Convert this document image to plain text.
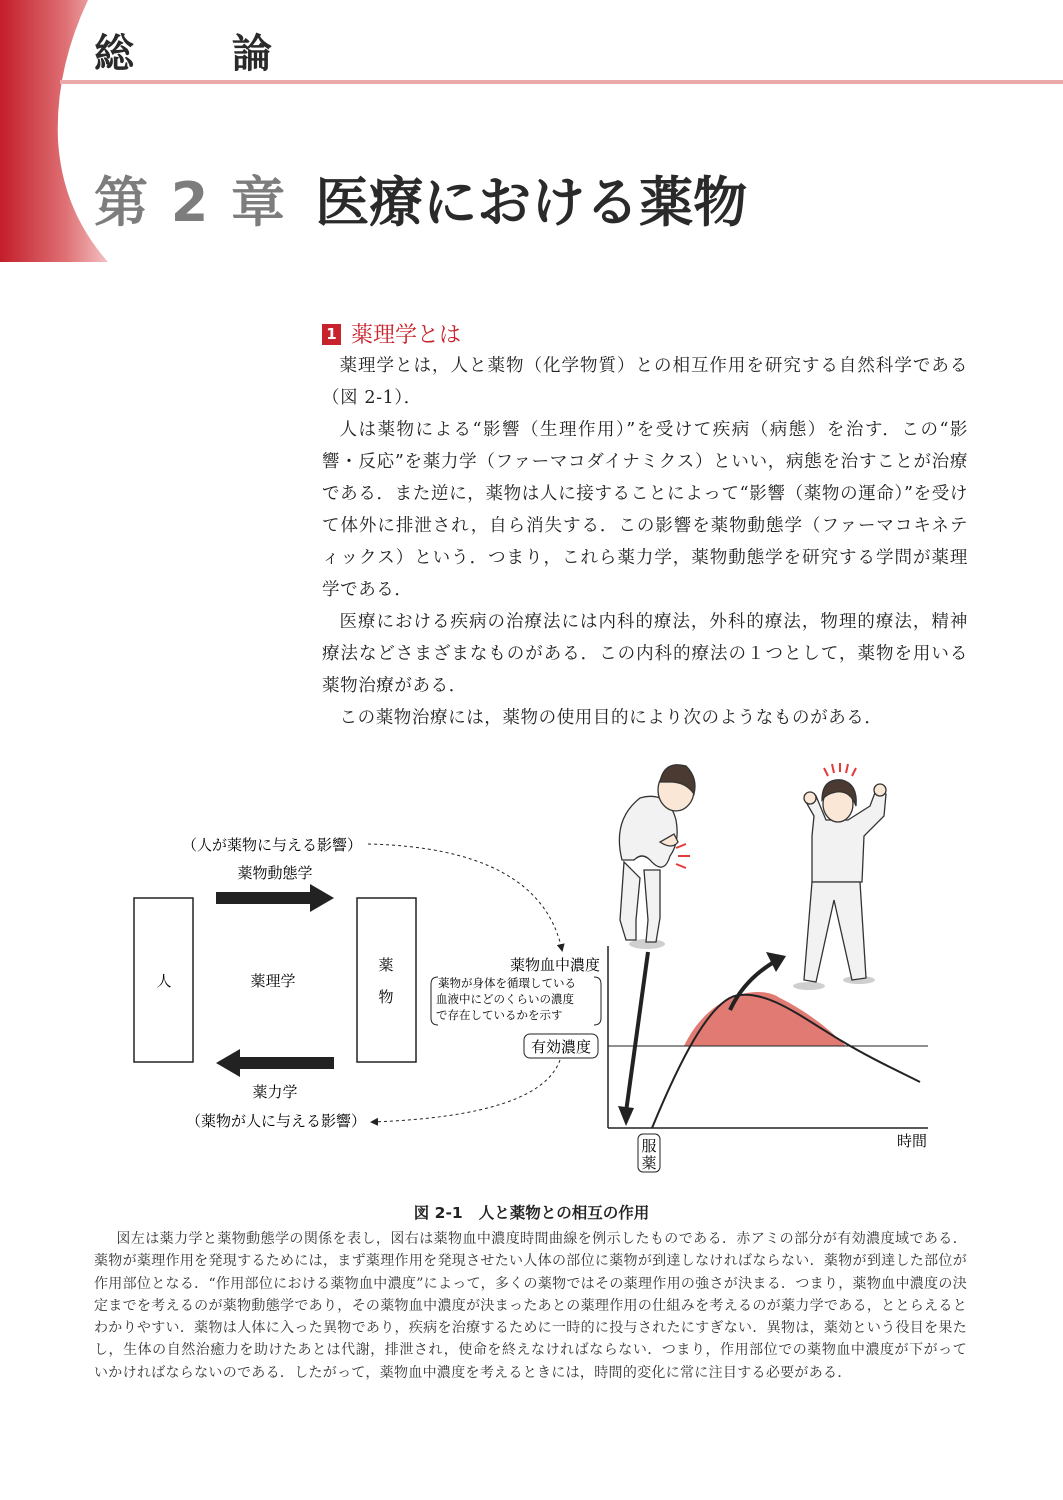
総 論
第 2 章 医療における薬物
1 薬理学とは

薬理学とは，人と薬物（化学物質）との相互作用を研究する自然科学である（図 2-1）．

人は薬物による“影響（生理作用）”を受けて疾病（病態）を治す．この“影響・反応”を薬力学（ファーマコダイナミクス）といい，病態を治すことが治療である．また逆に，薬物は人に接することによって“影響（薬物の運命）”を受けて体外に排泄され，自ら消失する．この影響を薬物動態学（ファーマコキネティックス）という．つまり，これら薬力学，薬物動態学を研究する学問が薬理学である．

医療における疾病の治療法には内科的療法，外科的療法，物理的療法，精神療法などさまざまなものがある．この内科的療法の１つとして，薬物を用いる薬物治療がある．

この薬物治療には，薬物の使用目的により次のようなものがある．

（人が薬物に与える影響）
薬物動態学
人	薬理学
薬
物
薬力学
（薬物が人に与える影響）
薬物血中濃度
薬物が身体を循環している
血液中にどのくらいの濃度
で存在しているかを示す
有効濃度
時間
服
薬
図 2-1 人と薬物との相互の作用
図左は薬力学と薬物動態学の関係を表し，図右は薬物血中濃度時間曲線を例示したものである．赤アミの部分が有効濃度域である．薬物が薬理作用を発現するためには，まず薬理作用を発現させたい人体の部位に薬物が到達しなければならない．薬物が到達した部位が作用部位となる．“作用部位における薬物血中濃度”によって，多くの薬物ではその薬理作用の強さが決まる．つまり，薬物血中濃度の決定までを考えるのが薬物動態学であり，その薬物血中濃度が決まったあとの薬理作用の仕組みを考えるのが薬力学である，ととらえるとわかりやすい．薬物は人体に入った異物であり，疾病を治療するために一時的に投与されたにすぎない．異物は，薬効という役目を果たし，生体の自然治癒力を助けたあとは代謝，排泄され，使命を終えなければならない．つまり，作用部位での薬物血中濃度が下がっていかければならないのである．したがって，薬物血中濃度を考えるときには，時間的変化に常に注目する必要がある．
